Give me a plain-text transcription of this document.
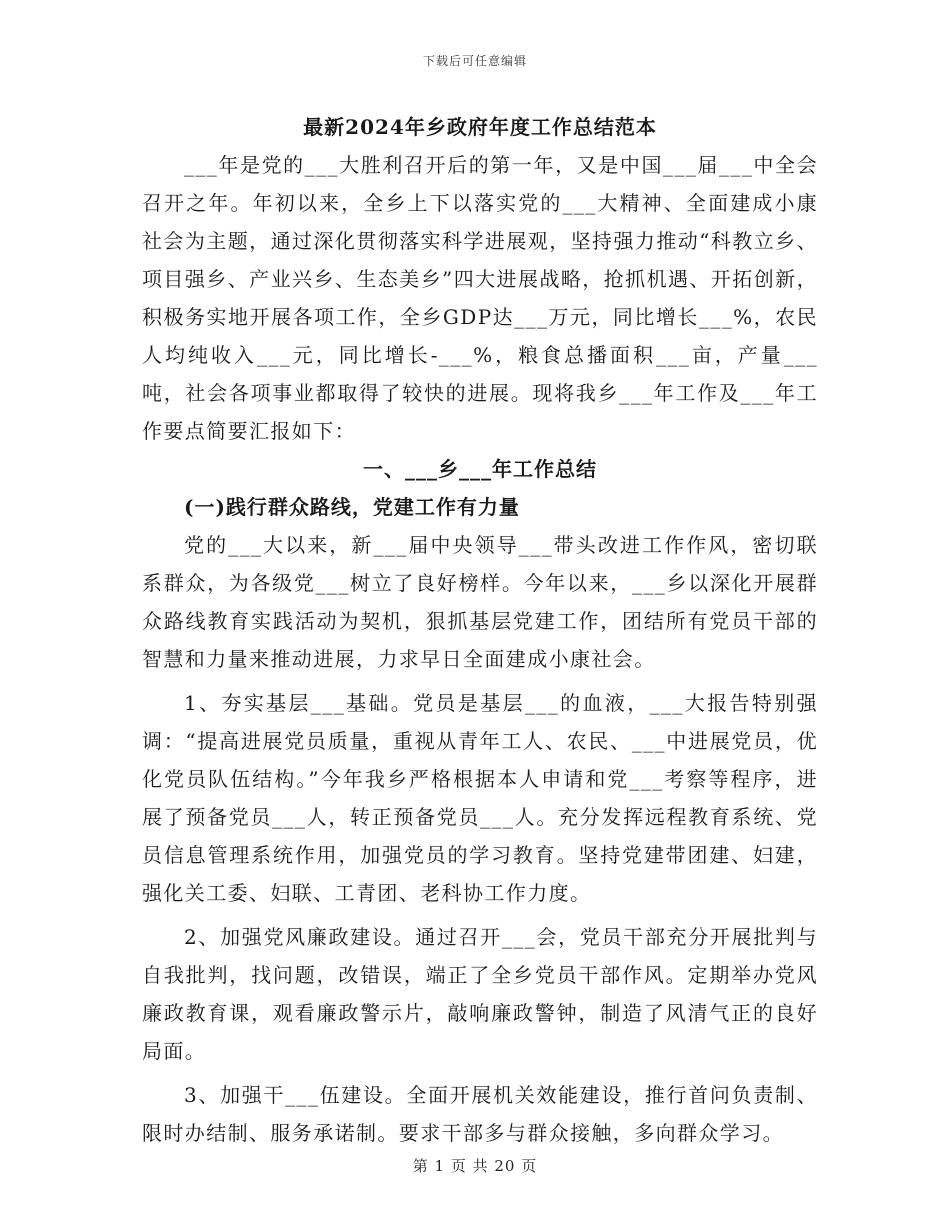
下载后可任意编辑
最新2024年乡政府年度工作总结范本

___年是党的___大胜利召开后的第一年，又是中国___届___中全会召开之年。年初以来，全乡上下以落实党的___大精神、全面建成小康社会为主题，通过深化贯彻落实科学进展观，坚持强力推动“科教立乡、项目强乡、产业兴乡、生态美乡”四大进展战略，抢抓机遇、开拓创新，积极务实地开展各项工作，全乡GDP达___万元，同比增长___%，农民人均纯收入___元，同比增长-___%，粮食总播面积___亩，产量___吨，社会各项事业都取得了较快的进展。现将我乡___年工作及___年工作要点简要汇报如下：

一、___乡___年工作总结
(一)践行群众路线，党建工作有力量

党的___大以来，新___届中央领导___带头改进工作作风，密切联系群众，为各级党___树立了良好榜样。今年以来，___乡以深化开展群众路线教育实践活动为契机，狠抓基层党建工作，团结所有党员干部的智慧和力量来推动进展，力求早日全面建成小康社会。

1、夯实基层___基础。党员是基层___的血液，___大报告特别强调：“提高进展党员质量，重视从青年工人、农民、___中进展党员，优化党员队伍结构。”今年我乡严格根据本人申请和党___考察等程序，进展了预备党员___人，转正预备党员___人。充分发挥远程教育系统、党员信息管理系统作用，加强党员的学习教育。坚持党建带团建、妇建，强化关工委、妇联、工青团、老科协工作力度。

2、加强党风廉政建设。通过召开___会，党员干部充分开展批判与自我批判，找问题，改错误，端正了全乡党员干部作风。定期举办党风廉政教育课，观看廉政警示片，敲响廉政警钟，制造了风清气正的良好局面。

3、加强干___伍建设。全面开展机关效能建设，推行首问负责制、限时办结制、服务承诺制。要求干部多与群众接触，多向群众学习。

第 1 页 共 20 页
